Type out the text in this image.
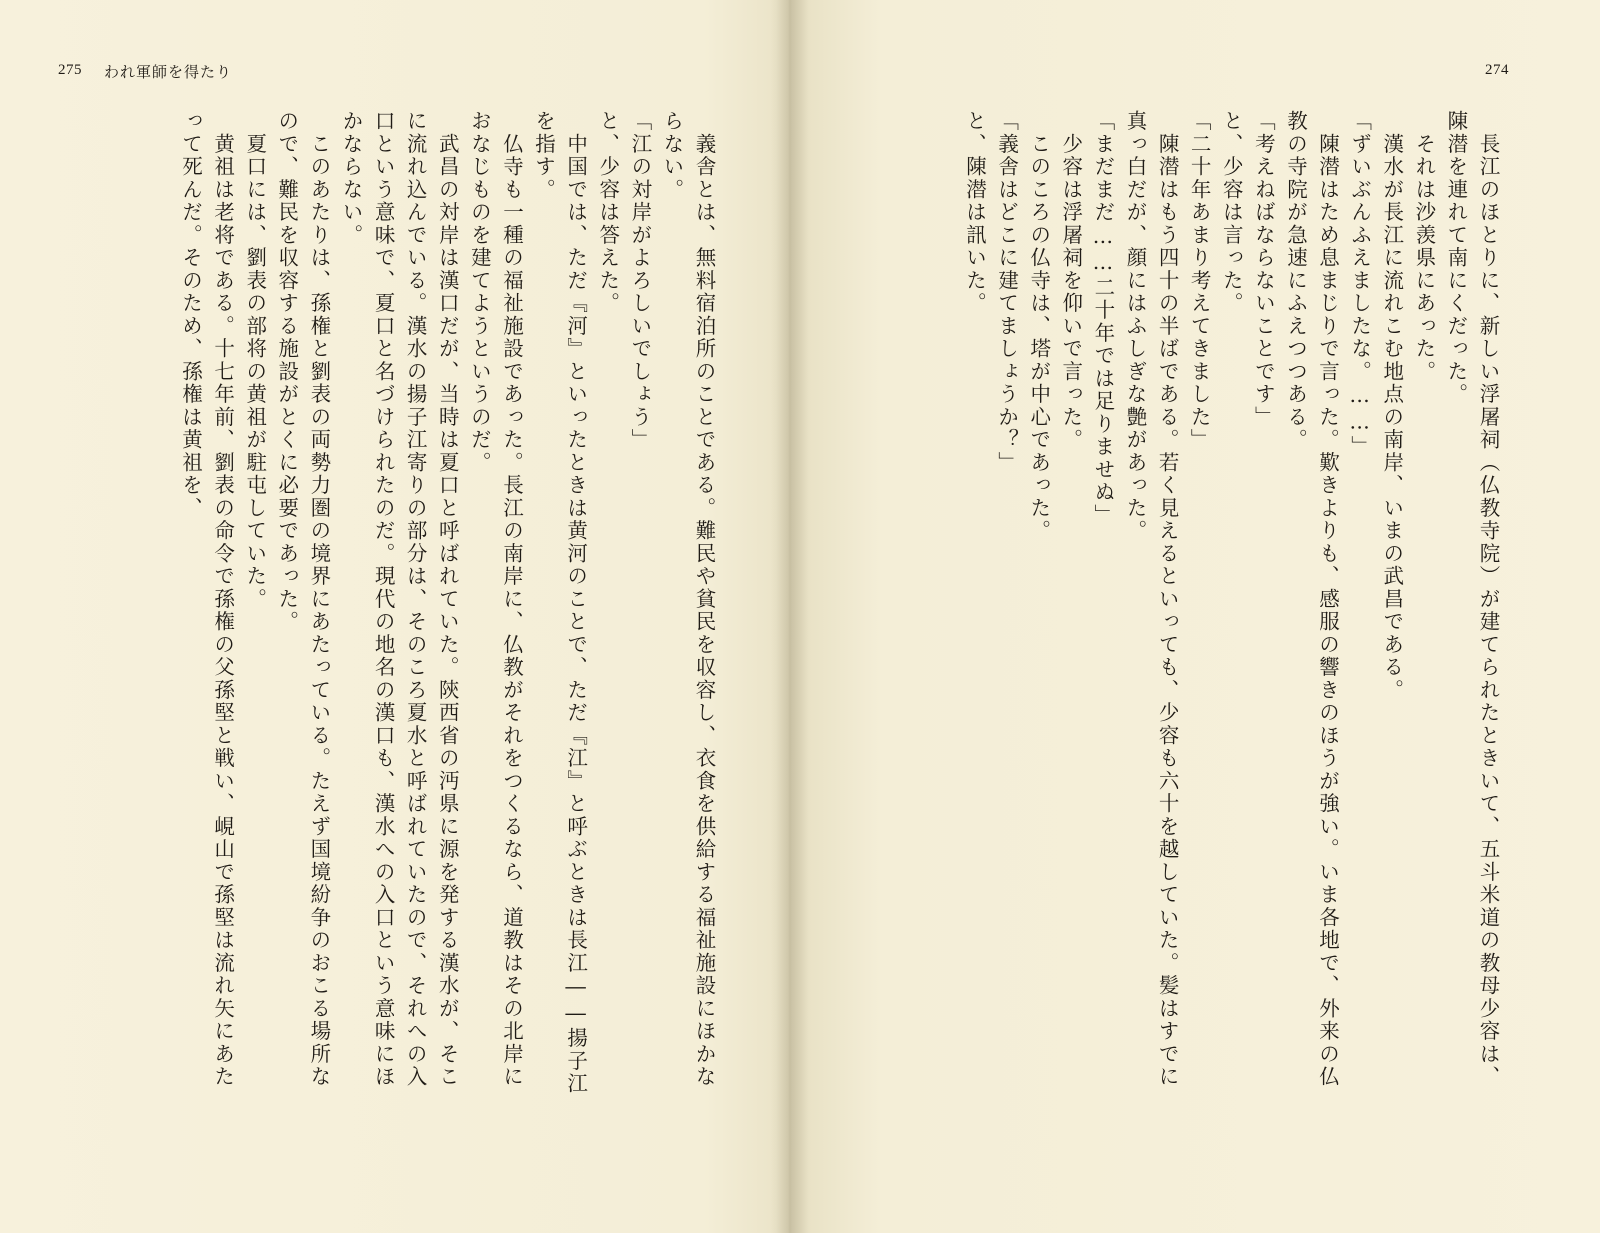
275 われ軍師を得たり
　義舎とは、無料宿泊所のことである。難民や貧民を収容し、衣食を供給する福祉施設にほかな
らない。
「江の対岸がよろしいでしょう」
と、少容は答えた。
　中国では、ただ『河』といったときは黄河のことで、ただ『江』と呼ぶときは長江――揚子江
を指す。
　仏寺も一種の福祉施設であった。長江の南岸に、仏教がそれをつくるなら、道教はその北岸に
おなじものを建てようというのだ。
　武昌の対岸は漢口だが、当時は夏口と呼ばれていた。陝西省の沔県に源を発する漢水が、そこ
に流れ込んでいる。漢水の揚子江寄りの部分は、そのころ夏水と呼ばれていたので、それへの入
口という意味で、夏口と名づけられたのだ。現代の地名の漢口も、漢水への入口という意味にほ
かならない。
　このあたりは、孫権と劉表の両勢力圏の境界にあたっている。たえず国境紛争のおこる場所な
ので、難民を収容する施設がとくに必要であった。
　夏口には、劉表の部将の黄祖が駐屯していた。
　黄祖は老将である。十七年前、劉表の命令で孫権の父孫堅と戦い、峴山で孫堅は流れ矢にあた
って死んだ。そのため、孫権は黄祖を、
274
　長江のほとりに、新しい浮屠祠（仏教寺院）が建てられたときいて、五斗米道の教母少容は、
陳潜を連れて南にくだった。
　それは沙羡県にあった。
　漢水が長江に流れこむ地点の南岸、いまの武昌である。
「ずいぶんふえましたな。……」
　陳潜はため息まじりで言った。歎きよりも、感服の響きのほうが強い。いま各地で、外来の仏
教の寺院が急速にふえつつある。
「考えねばならないことです」
と、少容は言った。
「二十年あまり考えてきました」
　陳潜はもう四十の半ばである。若く見えるといっても、少容も六十を越していた。髪はすでに
真っ白だが、顔にはふしぎな艶があった。
「まだまだ……二十年では足りませぬ」
　少容は浮屠祠を仰いで言った。
　このころの仏寺は、塔が中心であった。
「義舎はどこに建てましょうか？」
と、陳潜は訊いた。
